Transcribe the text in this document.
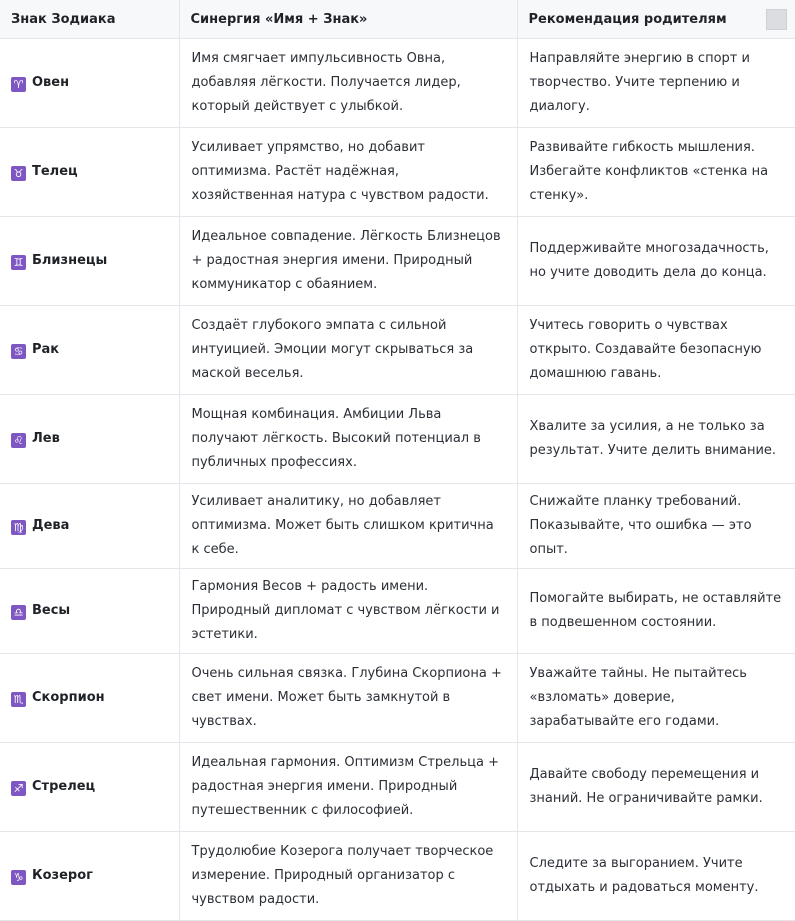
Знак Зодиака	Синергия «Имя + Знак»	Рекомендация родителям

♈ Овен	Имя смягчает импульсивность Овна, добавляя лёгкости. Получается лидер, который действует с улыбкой.	Направляйте энергию в спорт и творчество. Учите терпению и диалогу.
♉ Телец	Усиливает упрямство, но добавит оптимизма. Растёт надёжная, хозяйственная натура с чувством радости.	Развивайте гибкость мышления. Избегайте конфликтов «стенка на стенку».
♊ Близнецы	Идеальное совпадение. Лёгкость Близнецов + радостная энергия имени. Природный коммуникатор с обаянием.	Поддерживайте многозадачность, но учите доводить дела до конца.
♋ Рак	Создаёт глубокого эмпата с сильной интуицией. Эмоции могут скрываться за маской веселья.	Учитесь говорить о чувствах открыто. Создавайте безопасную домашнюю гавань.
♌ Лев	Мощная комбинация. Амбиции Льва получают лёгкость. Высокий потенциал в публичных профессиях.	Хвалите за усилия, а не только за результат. Учите делить внимание.
♍ Дева	Усиливает аналитику, но добавляет оптимизма. Может быть слишком критична к себе.	Снижайте планку требований. Показывайте, что ошибка — это опыт.
♎ Весы	Гармония Весов + радость имени. Природный дипломат с чувством лёгкости и эстетики.	Помогайте выбирать, не оставляйте в подвешенном состоянии.
♏ Скорпион	Очень сильная связка. Глубина Скорпиона + свет имени. Может быть замкнутой в чувствах.	Уважайте тайны. Не пытайтесь «взломать» доверие, зарабатывайте его годами.
♐ Стрелец	Идеальная гармония. Оптимизм Стрельца + радостная энергия имени. Природный путешественник с философией.	Давайте свободу перемещения и знаний. Не ограничивайте рамки.
♑ Козерог	Трудолюбие Козерога получает творческое измерение. Природный организатор с чувством радости.	Следите за выгоранием. Учите отдыхать и радоваться моменту.
